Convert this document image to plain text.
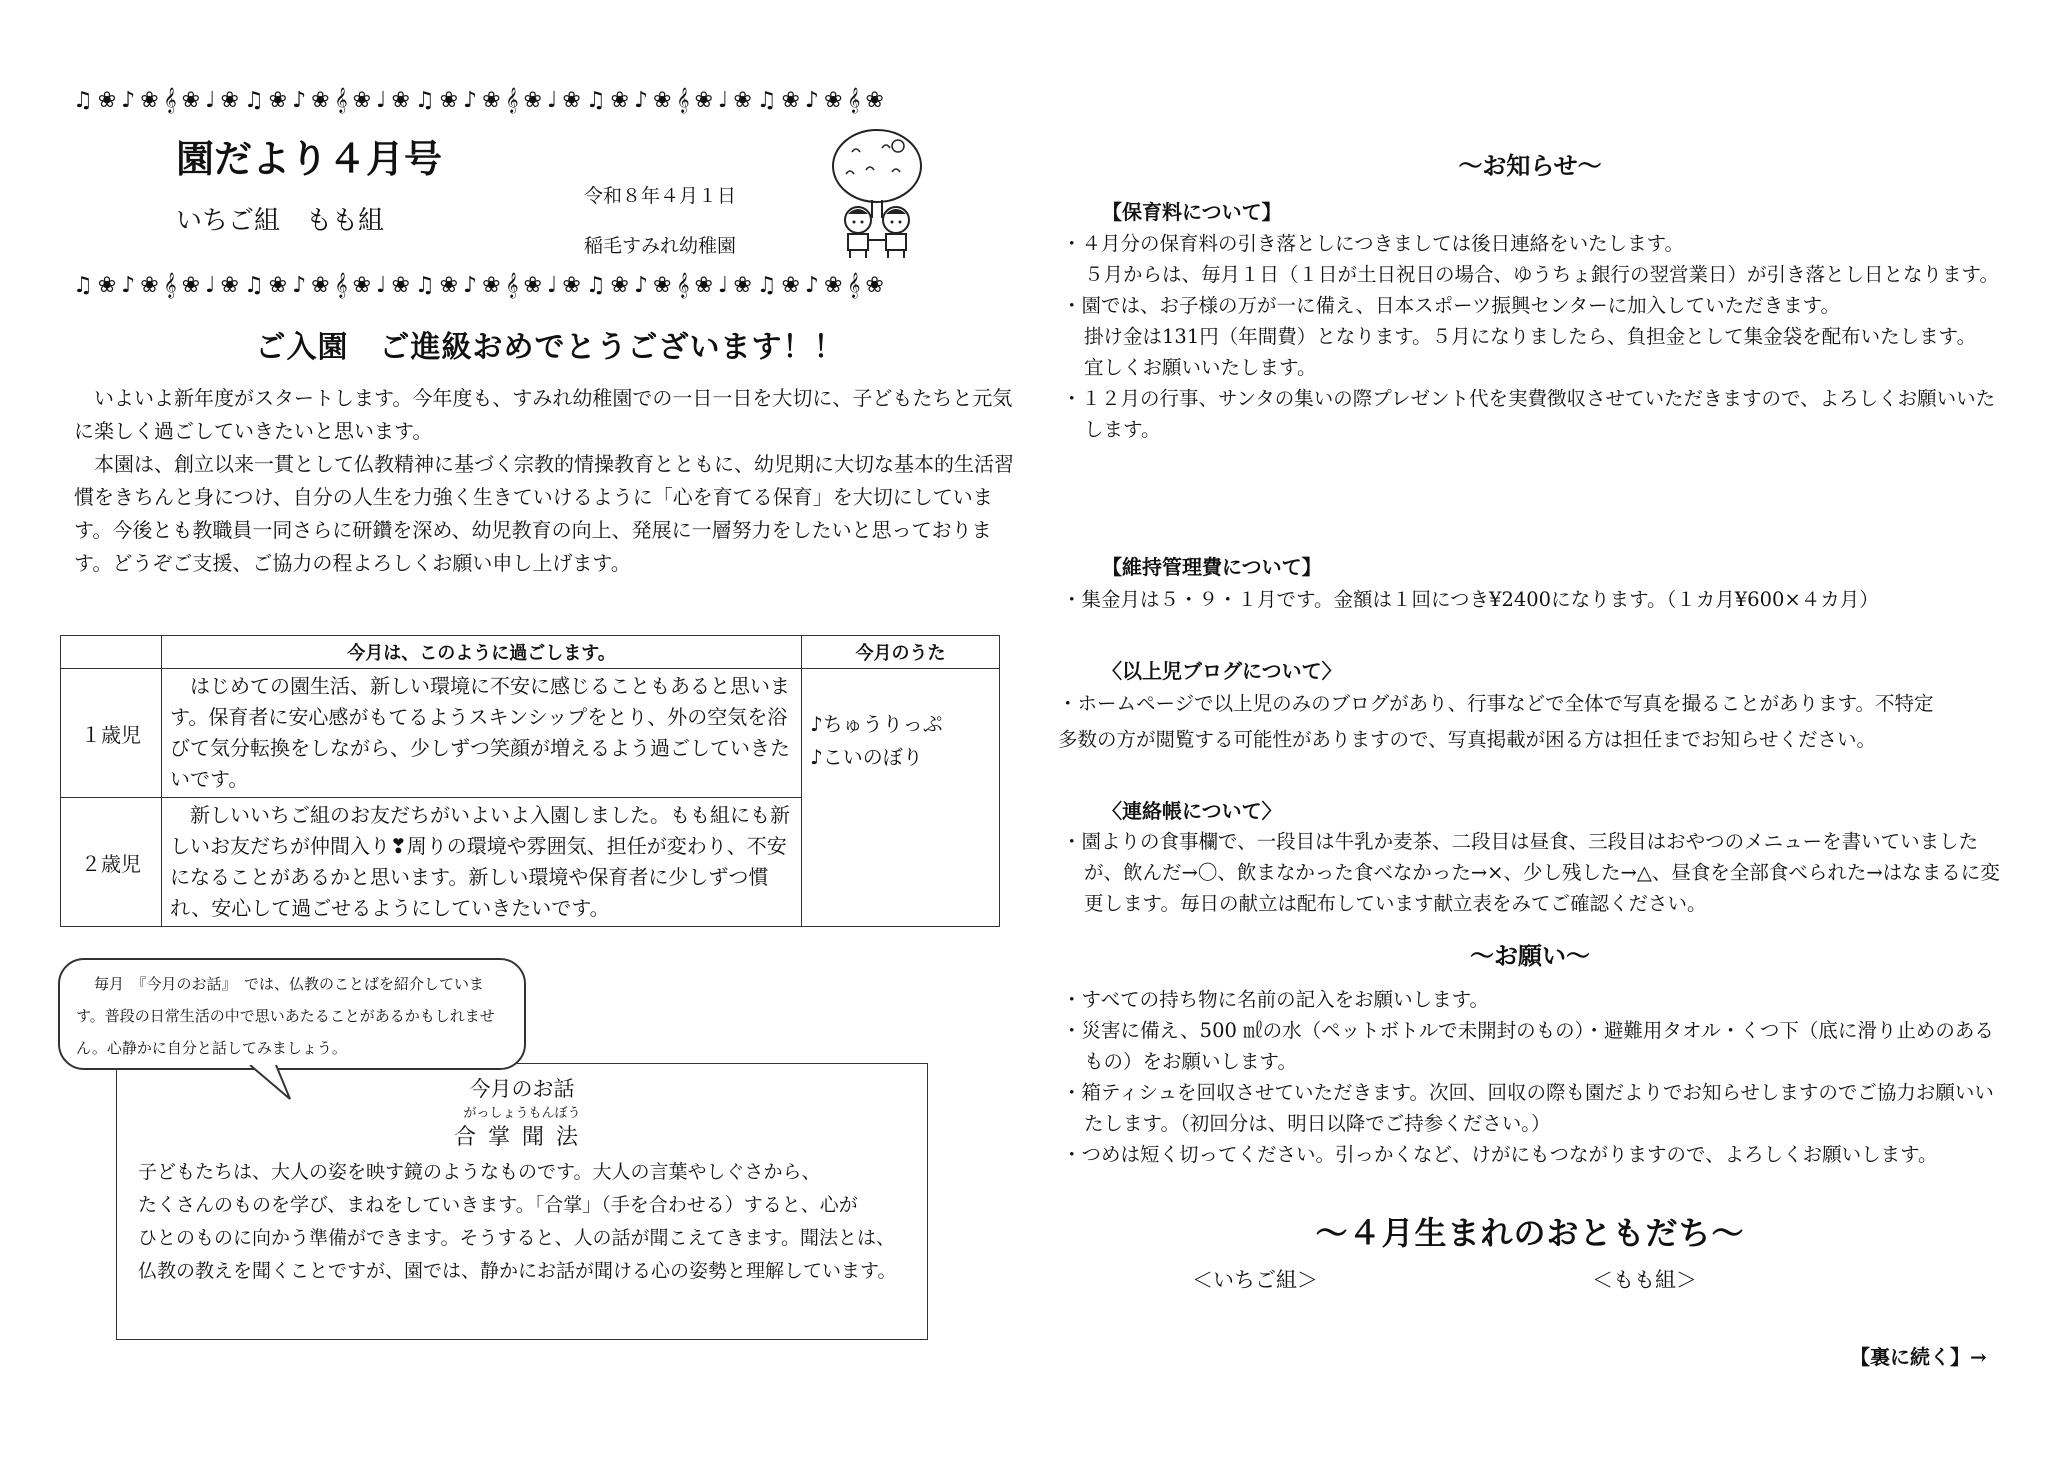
♫ ❀ ♪ ❀ 𝄞 ❀ ♩ ❀ ♫ ❀ ♪ ❀ 𝄞 ❀ ♩ ❀ ♫ ❀ ♪ ❀ 𝄞 ❀ ♩ ❀ ♫ ❀ ♪ ❀ 𝄞 ❀ ♩ ❀ ♫ ❀ ♪ ❀ 𝄞 ❀
♫ ❀ ♪ ❀ 𝄞 ❀ ♩ ❀ ♫ ❀ ♪ ❀ 𝄞 ❀ ♩ ❀ ♫ ❀ ♪ ❀ 𝄞 ❀ ♩ ❀ ♫ ❀ ♪ ❀ 𝄞 ❀ ♩ ❀ ♫ ❀ ♪ ❀ 𝄞 ❀
園だより４月号
いちご組　もも組
令和８年４月１日
稲毛すみれ幼稚園
ご入園　ご進級おめでとうございます！！

いよいよ新年度がスタートします。今年度も、すみれ幼稚園での一日一日を大切に、子どもたちと元気に楽しく過ごしていきたいと思います。

本園は、創立以来一貫として仏教精神に基づく宗教的情操教育とともに、幼児期に大切な基本的生活習慣をきちんと身につけ、自分の人生を力強く生きていけるように「心を育てる保育」を大切にしています。今後とも教職員一同さらに研鑽を深め、幼児教育の向上、発展に一層努力をしたいと思っております。どうぞご支援、ご協力の程よろしくお願い申し上げます。

	今月は、このように過ごします。	今月のうた
１歳児	はじめての園生活、新しい環境に不安に感じることもあると思います。保育者に安心感がもてるようスキンシップをとり、外の空気を浴びて気分転換をしながら、少しずつ笑顔が増えるよう過ごしていきたいです。	♪ちゅうりっぷ
♪こいのぼり

２歳児	新しいいちご組のお友だちがいよいよ入園しました。もも組にも新しいお友だちが仲間入り❣周りの環境や雰囲気、担任が変わり、不安になることがあるかと思います。新しい環境や保育者に少しずつ慣れ、安心して過ごせるようにしていきたいです。	

毎月　『今月のお話』　では、仏教のことばを紹介しています。普段の日常生活の中で思いあたることがあるかもしれません。心静かに自分と話してみましょう。

今月のお話
がっしょうもんぼう
合掌聞法

子どもたちは、大人の姿を映す鏡のようなものです。大人の言葉やしぐさから、

たくさんのものを学び、まねをしていきます。「合掌」（手を合わせる）すると、心が

ひとのものに向かう準備ができます。そうすると、人の話が聞こえてきます。聞法とは、

仏教の教えを聞くことですが、園では、静かにお話が聞ける心の姿勢と理解しています。

～お知らせ～
【保育料について】

・４月分の保育料の引き落としにつきましては後日連絡をいたします。

５月からは、毎月１日（１日が土日祝日の場合、ゆうちょ銀行の翌営業日）が引き落とし日となります。

・園では、お子様の万が一に備え、日本スポーツ振興センターに加入していただきます。

掛け金は131円（年間費）となります。５月になりましたら、負担金として集金袋を配布いたします。

宜しくお願いいたします。

・１２月の行事、サンタの集いの際プレゼント代を実費徴収させていただきますので、よろしくお願いいたします。

【維持管理費について】
・集金月は５・９・１月です。金額は１回につき¥2400になります。（１カ月¥600×４カ月）
〈以上児ブログについて〉

・ホームページで以上児のみのブログがあり、行事などで全体で写真を撮ることがあります。不特定

多数の方が閲覧する可能性がありますので、写真掲載が困る方は担任までお知らせください。

〈連絡帳について〉

・園よりの食事欄で、一段目は牛乳か麦茶、二段目は昼食、三段目はおやつのメニューを書いていましたが、飲んだ→〇、飲まなかった食べなかった→×、少し残した→△、昼食を全部食べられた→はなまるに変更します。毎日の献立は配布しています献立表をみてご確認ください。

～お願い～

・すべての持ち物に名前の記入をお願いします。

・災害に備え、500 ㎖の水（ペットボトルで未開封のもの）・避難用タオル・くつ下（底に滑り止めのあるもの）をお願いします。

・箱ティシュを回収させていただきます。次回、回収の際も園だよりでお知らせしますのでご協力お願いいたします。（初回分は、明日以降でご持参ください。）

・つめは短く切ってください。引っかくなど、けがにもつながりますので、よろしくお願いします。

～４月生まれのおともだち～
＜いちご組＞	＜もも組＞
【裏に続く】→
